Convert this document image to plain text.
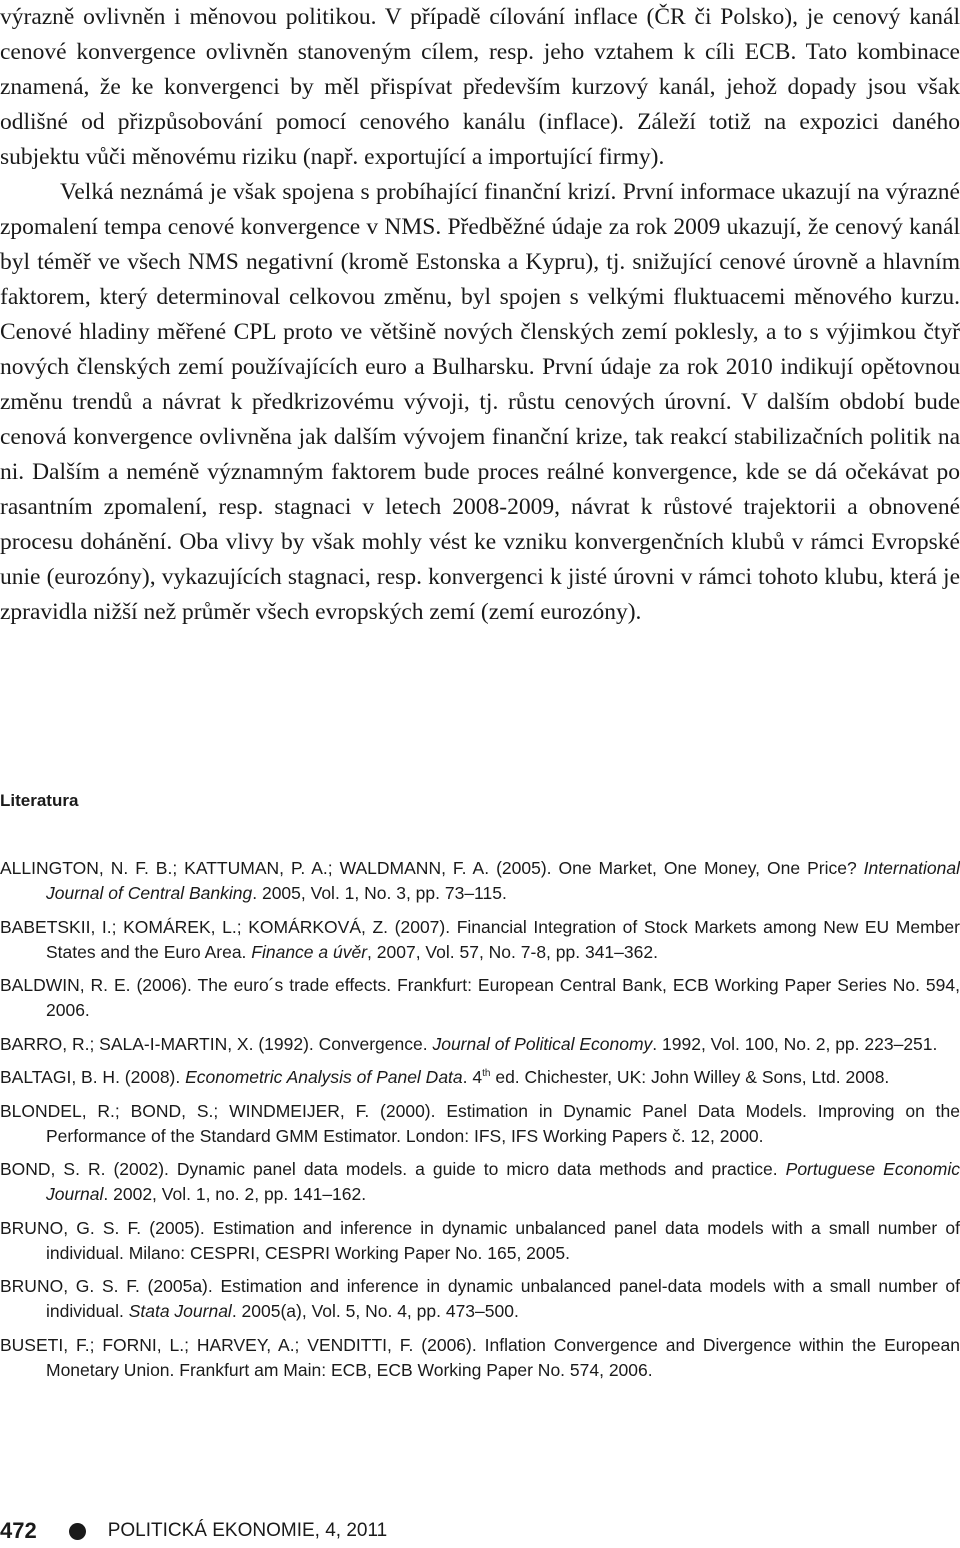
výrazně ovlivněn i měnovou politikou. V případě cílování inflace (ČR či Polsko), je cenový kanál cenové konvergence ovlivněn stanoveným cílem, resp. jeho vztahem k cíli ECB. Tato kombinace znamená, že ke konvergenci by měl přispívat především kurzový kanál, jehož dopady jsou však odlišné od přizpůsobování pomocí cenového kanálu (inflace). Záleží totiž na expozici daného subjektu vůči měnovému riziku (např. exportující a importující firmy).

Velká neznámá je však spojena s probíhající finanční krizí. První informace ukazují na výrazné zpomalení tempa cenové konvergence v NMS. Předběžné údaje za rok 2009 ukazují, že cenový kanál byl téměř ve všech NMS negativní (kromě Estonska a Kypru), tj. snižující cenové úrovně a hlavním faktorem, který determinoval celkovou změnu, byl spojen s velkými fluktuacemi měnového kurzu. Cenové hladiny měřené CPL proto ve většině nových členských zemí poklesly, a to s výjimkou čtyř nových členských zemí používajících euro a Bulharsku. První údaje za rok 2010 indikují opětovnou změnu trendů a návrat k předkrizovému vývoji, tj. růstu cenových úrovní. V dalším období bude cenová konvergence ovlivněna jak dalším vývojem finanční krize, tak reakcí stabilizačních politik na ni. Dalším a neméně významným faktorem bude proces reálné konvergence, kde se dá očekávat po rasantním zpomalení, resp. stagnaci v letech 2008-2009, návrat k růstové trajektorii a obnovené procesu dohánění. Oba vlivy by však mohly vést ke vzniku konvergenčních klubů v rámci Evropské unie (eurozóny), vykazujících stagnaci, resp. konvergenci k jisté úrovni v rámci tohoto klubu, která je zpravidla nižší než průměr všech evropských zemí (zemí eurozóny).

Literatura

ALLINGTON, N. F. B.; KATTUMAN, P. A.; WALDMANN, F. A. (2005). One Market, One Money, One Price? International Journal of Central Banking. 2005, Vol. 1, No. 3, pp. 73–115.

BABETSKII, I.; KOMÁREK, L.; KOMÁRKOVÁ, Z. (2007). Financial Integration of Stock Markets among New EU Member States and the Euro Area. Finance a úvěr, 2007, Vol. 57, No. 7-8, pp. 341–362.

BALDWIN, R. E. (2006). The euro´s trade effects. Frankfurt: European Central Bank, ECB Working Paper Series No. 594, 2006.

BARRO, R.; SALA-I-MARTIN, X. (1992). Convergence. Journal of Political Economy. 1992, Vol. 100, No. 2, pp. 223–251.

BALTAGI, B. H. (2008). Econometric Analysis of Panel Data. 4th ed. Chichester, UK: John Willey & Sons, Ltd. 2008.

BLONDEL, R.; BOND, S.; WINDMEIJER, F. (2000). Estimation in Dynamic Panel Data Models. Improving on the Performance of the Standard GMM Estimator. London: IFS, IFS Working Papers č. 12, 2000.

BOND, S. R. (2002). Dynamic panel data models. a guide to micro data methods and practice. Portuguese Economic Journal. 2002, Vol. 1, no. 2, pp. 141–162.

BRUNO, G. S. F. (2005). Estimation and inference in dynamic unbalanced panel data models with a small number of individual. Milano: CESPRI, CESPRI Working Paper No. 165, 2005.

BRUNO, G. S. F. (2005a). Estimation and inference in dynamic unbalanced panel-data models with a small number of individual. Stata Journal. 2005(a), Vol. 5, No. 4, pp. 473–500.

BUSETI, F.; FORNI, L.; HARVEY, A.; VENDITTI, F. (2006). Inflation Convergence and Divergence within the European Monetary Union. Frankfurt am Main: ECB, ECB Working Paper No. 574, 2006.

472	POLITICKÁ EKONOMIE, 4, 2011
